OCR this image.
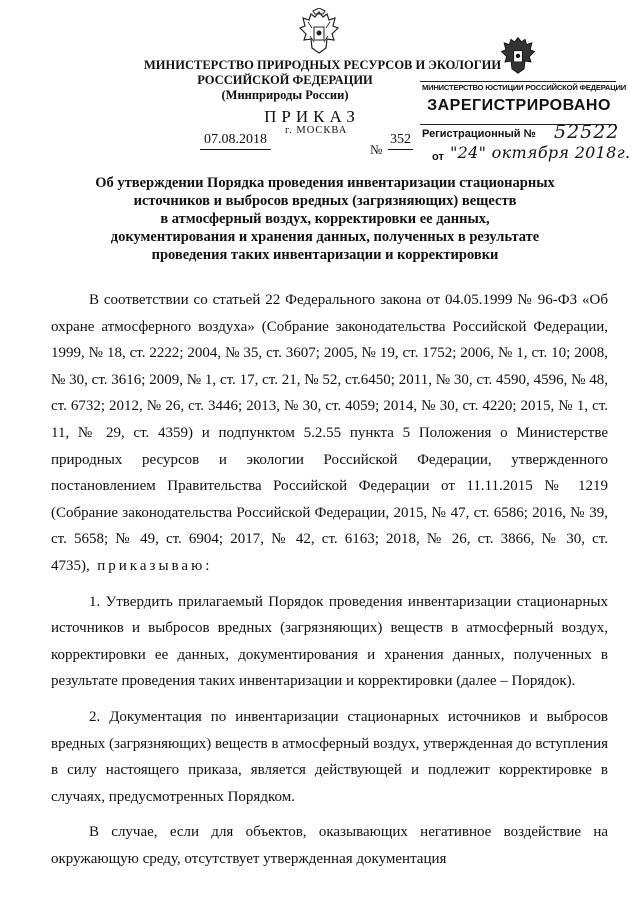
МИНИСТЕРСТВО ПРИРОДНЫХ РЕСУРСОВ И ЭКОЛОГИИ
РОССИЙСКОЙ ФЕДЕРАЦИИ
(Минприроды России)
ПРИКАЗ
07.08.2018
г. МОСКВА
№
352
МИНИСТЕРСТВО ЮСТИЦИИ РОССИЙСКОЙ ФЕДЕРАЦИИ
ЗАРЕГИСТРИРОВАНО
Регистрационный № 52522
от "24" октября 2018г.
Об утверждении Порядка проведения инвентаризации стационарных
источников и выбросов вредных (загрязняющих) веществ
в атмосферный воздух, корректировки ее данных,
документирования и хранения данных, полученных в результате
проведения таких инвентаризации и корректировки

В соответствии со статьей 22 Федерального закона от 04.05.1999 № 96-ФЗ «Об охране атмосферного воздуха» (Собрание законодательства Российской Федерации, 1999, № 18, ст. 2222; 2004, № 35, ст. 3607; 2005, № 19, ст. 1752; 2006, № 1, ст. 10; 2008, № 30, ст. 3616; 2009, № 1, ст. 17, ст. 21, № 52, ст.6450; 2011, № 30, ст. 4590, 4596, № 48, ст. 6732; 2012, № 26, ст. 3446; 2013, № 30, ст. 4059; 2014, № 30, ст. 4220; 2015, № 1, ст. 11, № 29, ст. 4359) и подпунктом 5.2.55 пункта 5 Положения о Министерстве природных ресурсов и экологии Российской Федерации, утвержденного постановлением Правительства Российской Федерации от 11.11.2015 № 1219 (Собрание законодательства Российской Федерации, 2015, № 47, ст. 6586; 2016, № 39, ст. 5658; № 49, ст. 6904; 2017, № 42, ст. 6163; 2018, № 26, ст. 3866, № 30, ст. 4735), приказываю:

1. Утвердить прилагаемый Порядок проведения инвентаризации стационарных источников и выбросов вредных (загрязняющих) веществ в атмосферный воздух, корректировки ее данных, документирования и хранения данных, полученных в результате проведения таких инвентаризации и корректировки (далее – Порядок).

2. Документация по инвентаризации стационарных источников и выбросов вредных (загрязняющих) веществ в атмосферный воздух, утвержденная до вступления в силу настоящего приказа, является действующей и подлежит корректировке в случаях, предусмотренных Порядком.

В случае, если для объектов, оказывающих негативное воздействие на окружающую среду, отсутствует утвержденная документация
